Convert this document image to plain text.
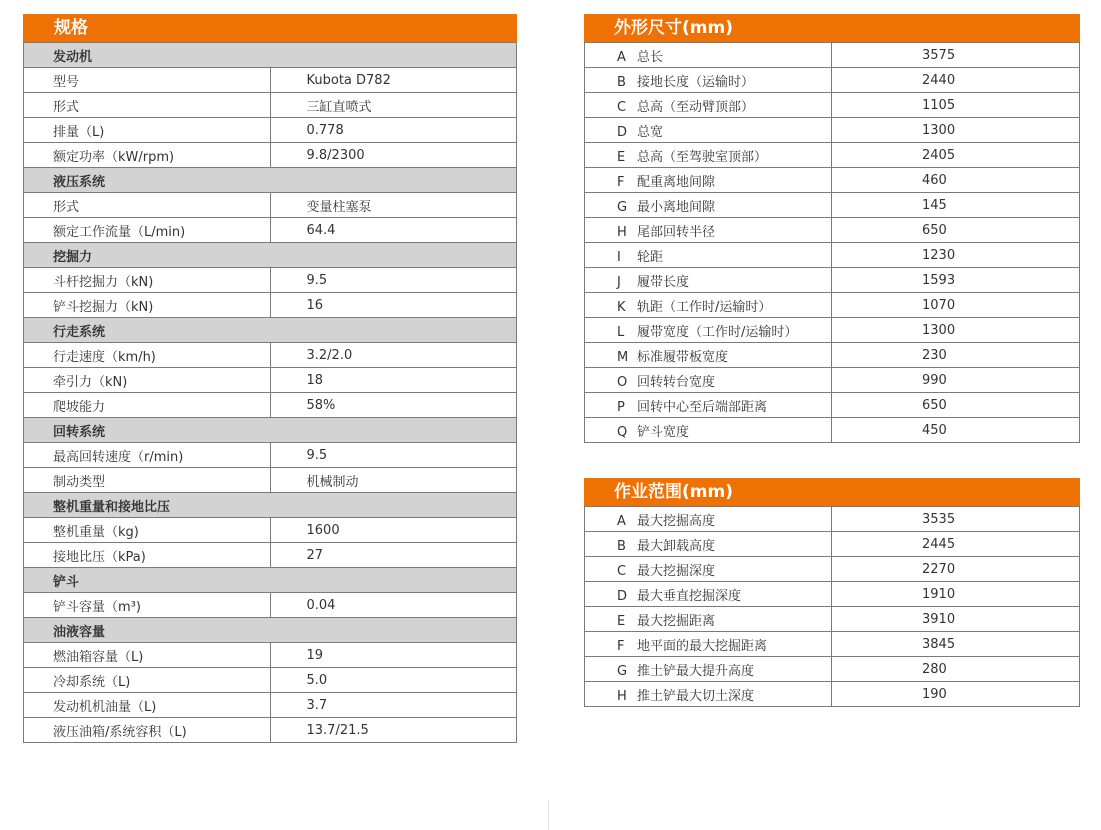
规格
发动机	
型号	Kubota D782
形式	三缸直喷式
排量（L)	0.778
额定功率（kW/rpm)	9.8/2300
液压系统	
形式	变量柱塞泵
额定工作流量（L/min)	64.4
挖掘力	
斗杆挖掘力（kN)	9.5
铲斗挖掘力（kN)	16
行走系统	
行走速度（km/h)	3.2/2.0
牵引力（kN)	18
爬坡能力	58%
回转系统	
最高回转速度（r/min)	9.5
制动类型	机械制动
整机重量和接地比压	
整机重量（kg)	1600
接地比压（kPa)	27
铲斗	
铲斗容量（m³)	0.04
油液容量	
燃油箱容量（L)	19
冷却系统（L)	5.0
发动机机油量（L)	3.7
液压油箱/系统容积（L)	13.7/21.5
外形尺寸(mm)
A 总长	3575
B 接地长度（运输时）	2440
C 总高（至动臂顶部）	1105
D 总宽	1300
E 总高（至驾驶室顶部）	2405
F 配重离地间隙	460
G 最小离地间隙	145
H 尾部回转半径	650
I 轮距	1230
J 履带长度	1593
K 轨距（工作时/运输时）	1070
L 履带宽度（工作时/运输时）	1300
M 标准履带板宽度	230
O 回转转台宽度	990
P 回转中心至后端部距离	650
Q 铲斗宽度	450
作业范围(mm)
A 最大挖掘高度	3535
B 最大卸载高度	2445
C 最大挖掘深度	2270
D 最大垂直挖掘深度	1910
E 最大挖掘距离	3910
F 地平面的最大挖掘距离	3845
G 推土铲最大提升高度	280
H 推土铲最大切土深度	190
